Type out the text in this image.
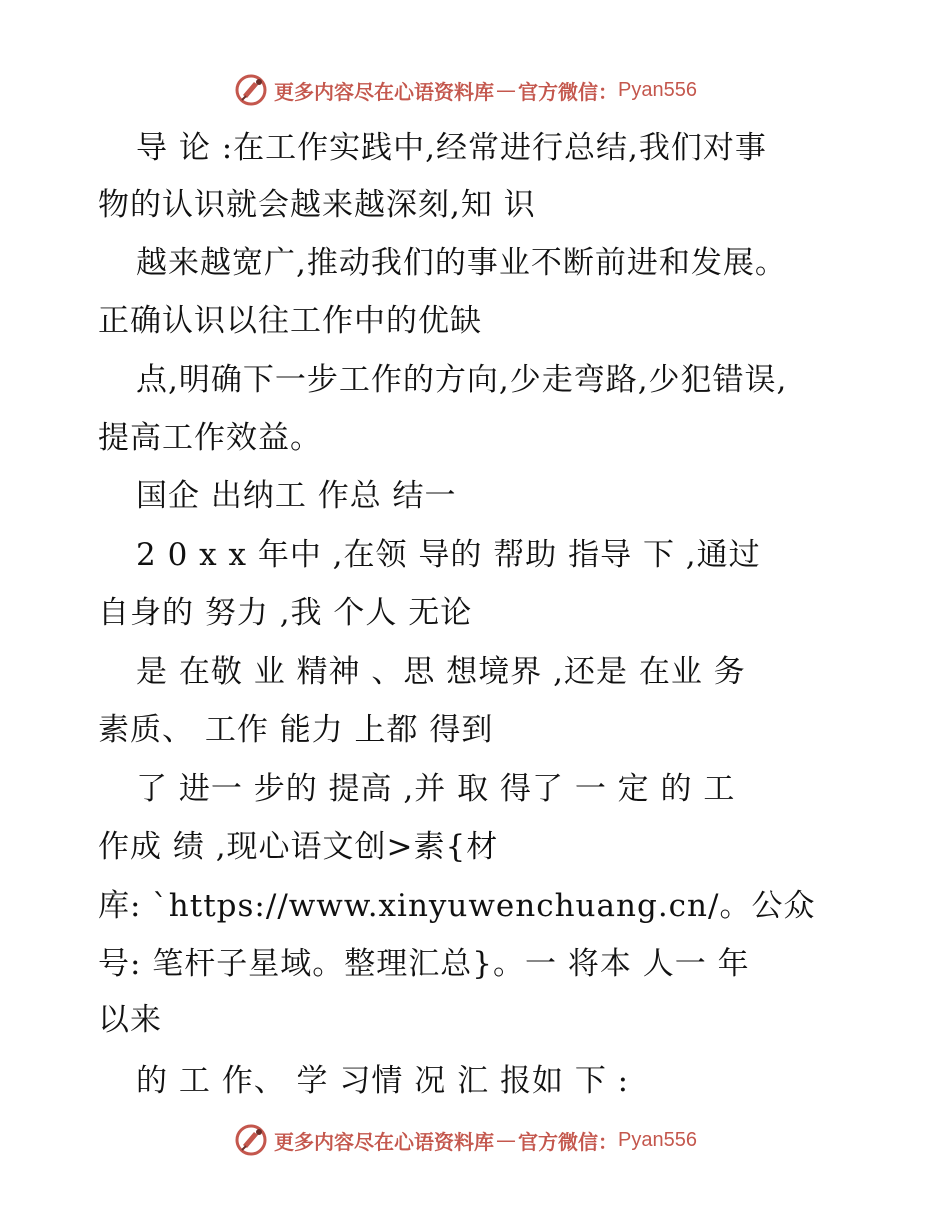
更多内容尽在心语资料库 — 官方微信： Pyan556
导 论 :在工作实践中,经常进行总结,我们对事
物的认识就会越来越深刻,知 识
越来越宽广,推动我们的事业不断前进和发展。
正确认识以往工作中的优缺
点,明确下一步工作的方向,少走弯路,少犯错误,
提高工作效益。
国企 出纳工 作总 结一
2 0 x x 年中 ,在领 导的 帮助 指导 下 ,通过
自身的 努力 ,我 个人 无论
是 在敬 业 精神 、思 想境界 ,还是 在业 务
素质、 工作 能力 上都 得到
了 进一 步的 提高 ,并 取 得了 一 定 的 工
作成 绩 ,现心语文创>素{材
库: `https://www.xinyuwenchuang.cn/。公众
号: 笔杆子星域。整理汇总}。一 将本 人一 年
以来
的 工 作、 学 习情 况 汇 报如 下 :
更多内容尽在心语资料库 — 官方微信： Pyan556
